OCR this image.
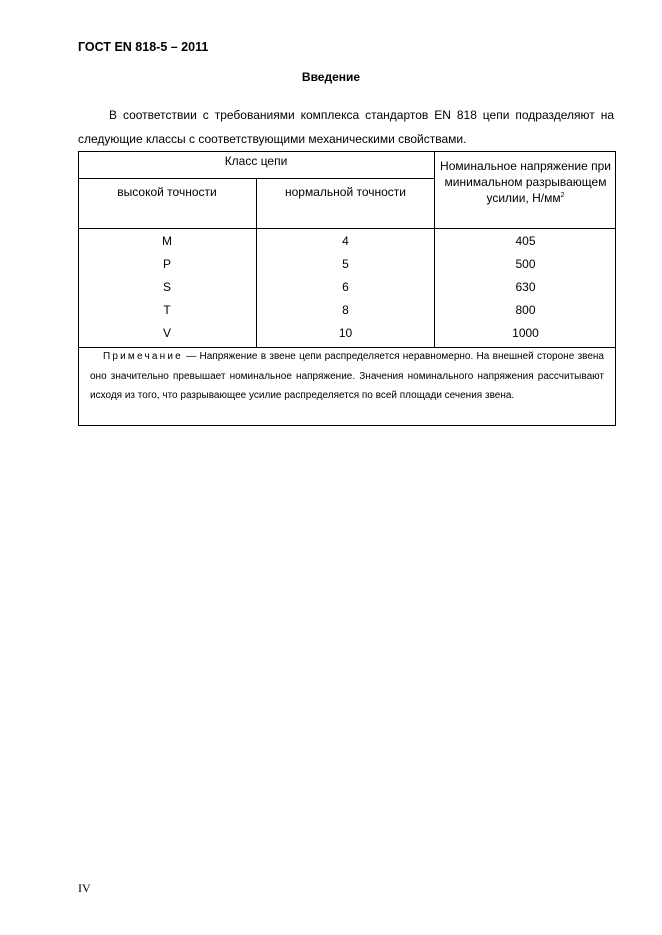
ГОСТ EN 818-5 – 2011
Введение

В соответствии с требованиями комплекса стандартов EN 818 цепи подразделяют на следующие классы с соответствующими механическими свойствами.

Класс цепи
высокой точности	нормальной точности
Номинальное напряжение при минимальном разрывающем усилии, $Н/мм^2$
M
P
S
T
V
4
5
6
8
10
405
500
630
800
1000

Примечание — Напряжение в звене цепи распределяется неравномерно. На внешней стороне звена оно значительно превышает номинальное напряжение. Значения номинального напряжения рассчитывают исходя из того, что разрывающее усилие распределяется по всей площади сечения звена.

IV
